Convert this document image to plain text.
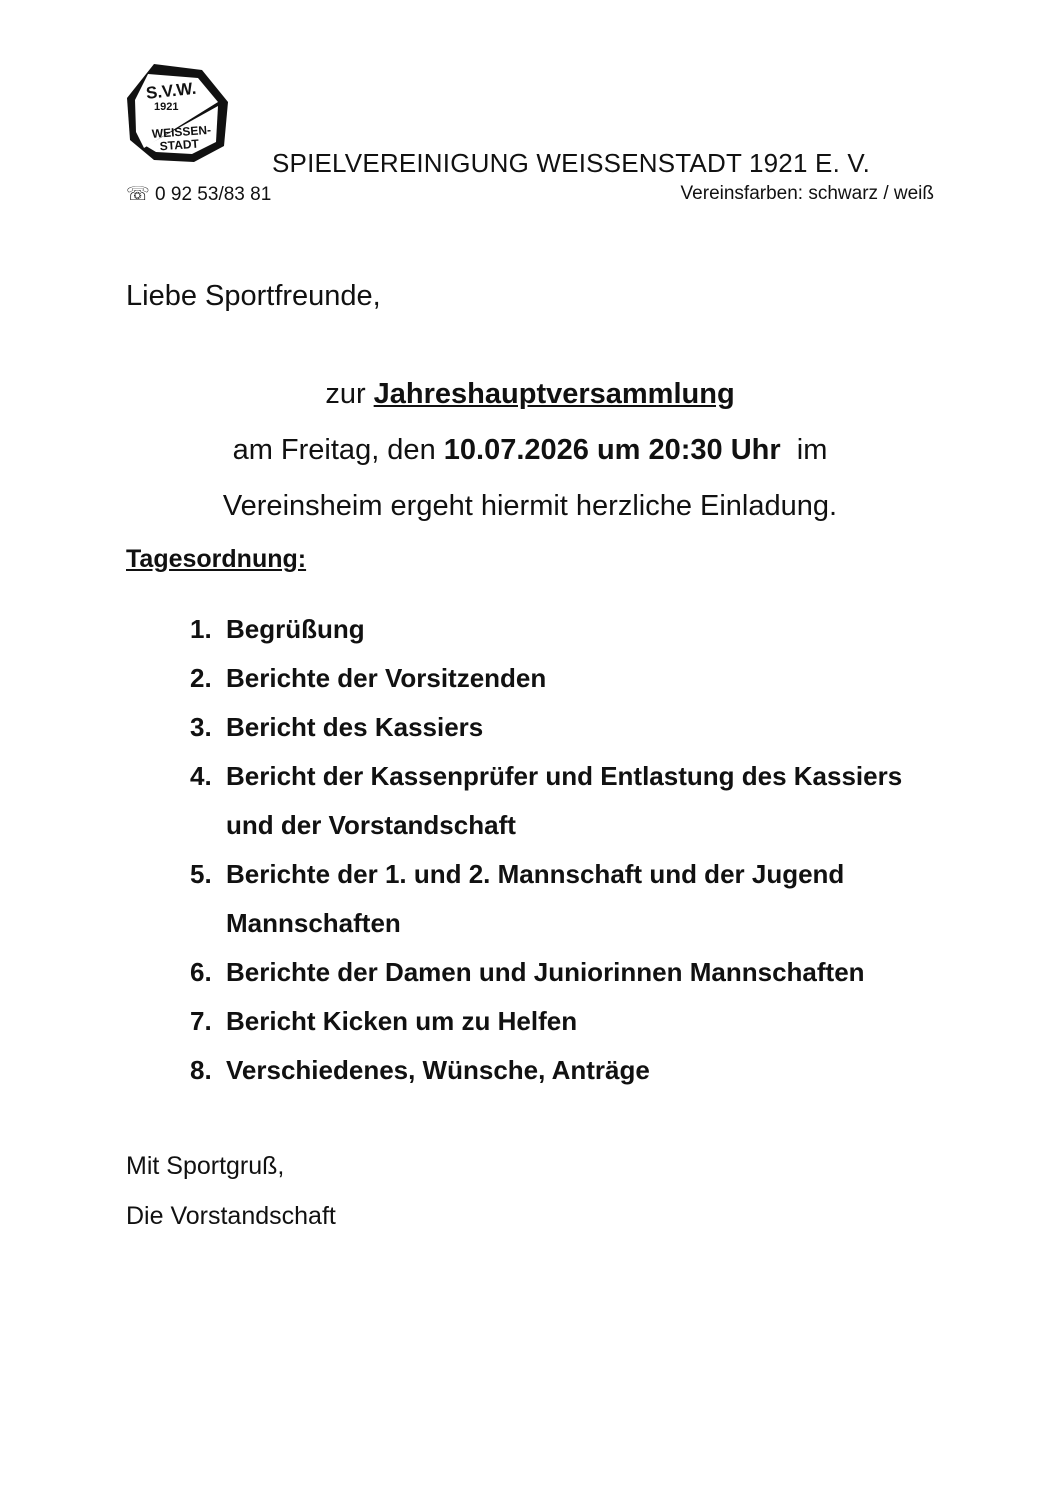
S.V.W.
1921
WEISSEN-
STADT
SPIELVEREINIGUNG WEISSENSTADT 1921 E. V.
☏ 0 92 53/83 81	Vereinsfarben: schwarz / weiß
Liebe Sportfreunde,
zur Jahreshauptversammlung
am Freitag, den 10.07.2026 um 20:30 Uhr  im
Vereinsheim ergeht hiermit herzliche Einladung.
Tagesordnung:
1. Begrüßung
2. Berichte der Vorsitzenden
3. Bericht des Kassiers
4. Bericht der Kassenprüfer und Entlastung des Kassiers und der Vorstandschaft
5. Berichte der 1. und 2. Mannschaft und der Jugend Mannschaften
6. Berichte der Damen und Juniorinnen Mannschaften
7. Bericht Kicken um zu Helfen
8. Verschiedenes, Wünsche, Anträge
Mit Sportgruß,
Die Vorstandschaft
